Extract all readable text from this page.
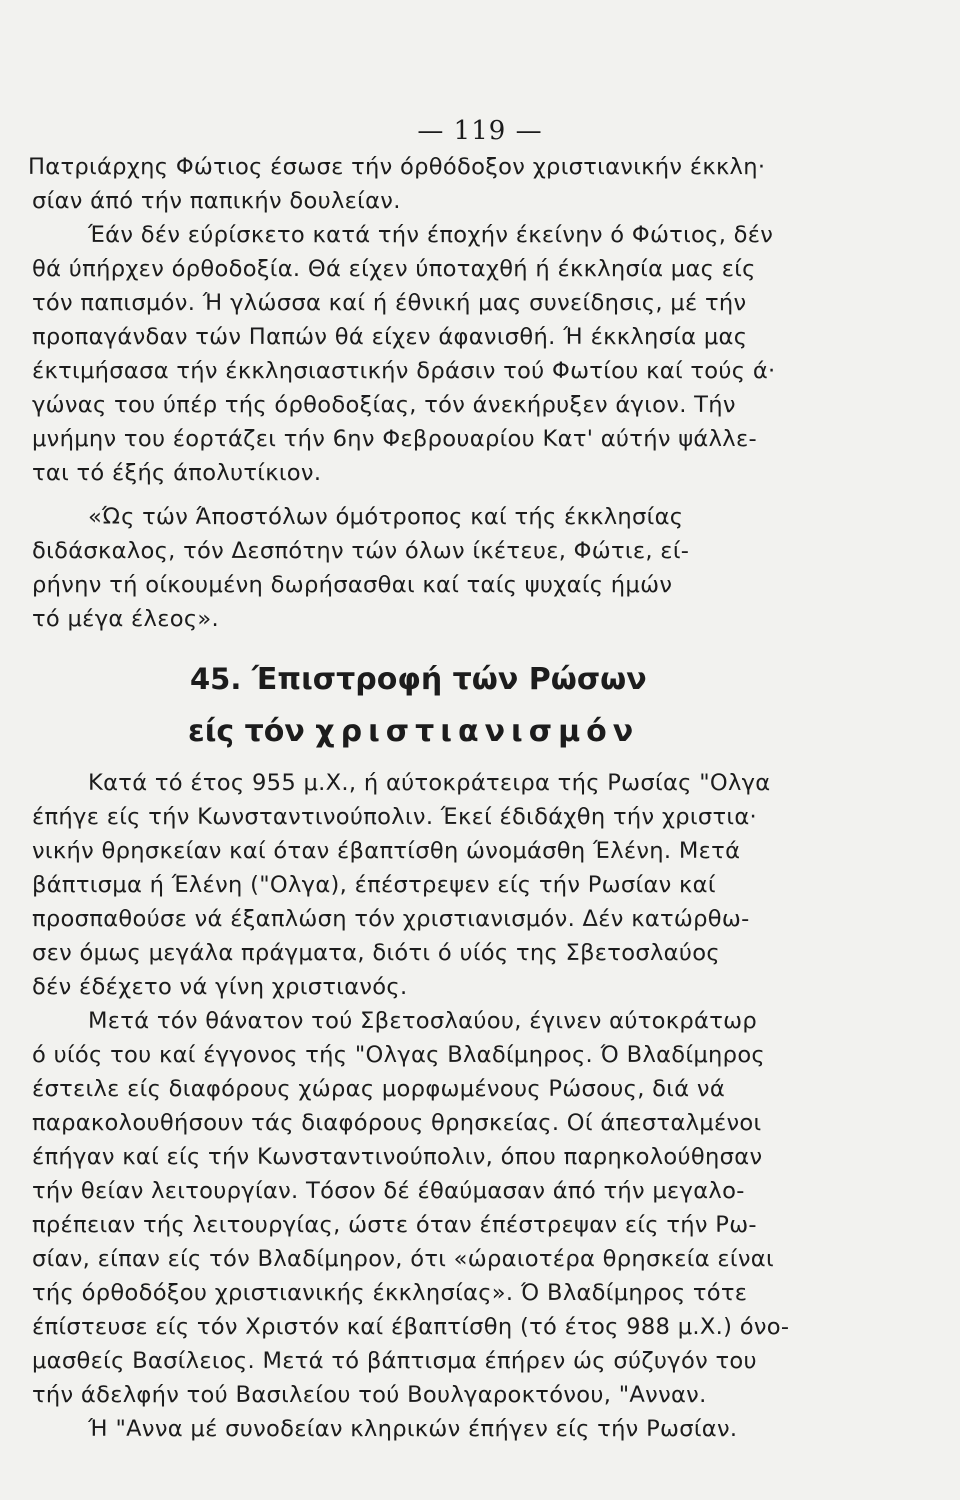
— 119 —
Πατριάρχης Φώτιος έσωσε τήν όρθόδοξον χριστιανικήν έκκλη·
σίαν άπό τήν παπικήν δουλείαν.
Έάν δέν εύρίσκετο κατά τήν έποχήν έκείνην ό Φώτιος, δέν
θά ύπήρχεν όρθοδοξία. Θά είχεν ύποταχθή ή έκκλησία μας είς
τόν παπισμόν. Ή γλώσσα καί ή έθνική μας συνείδησις, μέ τήν
προπαγάνδαν τών Παπών θά είχεν άφανισθή. Ή έκκλησία μας
έκτιμήσασα τήν έκκλησιαστικήν δράσιν τού Φωτίου καί τούς ά·
γώνας του ύπέρ τής όρθοδοξίας, τόν άνεκήρυξεν άγιον. Τήν
μνήμην του έορτάζει τήν 6ην Φεβρουαρίου Κατ' αύτήν ψάλλε-
ται τό έξής άπολυτίκιον.
«Ώς τών Άποστόλων όμότροπος καί τής έκκλησίας
διδάσκαλος, τόν Δεσπότην τών όλων ίκέτευε, Φώτιε, εί-
ρήνην τή οίκουμένη δωρήσασθαι καί ταίς ψυχαίς ήμών
τό μέγα έλεος».
45. Έπιστροφή τών Ρώσων
είς τόν χριστιανισμόν
Κατά τό έτος 955 μ.Χ., ή αύτοκράτειρα τής Ρωσίας "Ολγα
έπήγε είς τήν Κωνσταντινούπολιν. Έκεί έδιδάχθη τήν χριστια·
νικήν θρησκείαν καί όταν έβαπτίσθη ώνομάσθη Έλένη. Μετά
βάπτισμα ή Έλένη ("Ολγα), έπέστρεψεν είς τήν Ρωσίαν καί
προσπαθούσε νά έξαπλώση τόν χριστιανισμόν. Δέν κατώρθω-
σεν όμως μεγάλα πράγματα, διότι ό υίός της Σβετοσλαύος
δέν έδέχετο νά γίνη χριστιανός.
Μετά τόν θάνατον τού Σβετοσλαύου, έγινεν αύτοκράτωρ
ό υίός του καί έγγονος τής "Ολγας Βλαδίμηρος. Ό Βλαδίμηρος
έστειλε είς διαφόρους χώρας μορφωμένους Ρώσους, διά νά
παρακολουθήσουν τάς διαφόρους θρησκείας. Οί άπεσταλμένοι
έπήγαν καί είς τήν Κωνσταντινούπολιν, όπου παρηκολούθησαν
τήν θείαν λειτουργίαν. Τόσον δέ έθαύμασαν άπό τήν μεγαλο-
πρέπειαν τής λειτουργίας, ώστε όταν έπέστρεψαν είς τήν Ρω-
σίαν, είπαν είς τόν Βλαδίμηρον, ότι «ώραιοτέρα θρησκεία είναι
τής όρθοδόξου χριστιανικής έκκλησίας». Ό Βλαδίμηρος τότε
έπίστευσε είς τόν Χριστόν καί έβαπτίσθη (τό έτος 988 μ.Χ.) όνο-
μασθείς Βασίλειος. Μετά τό βάπτισμα έπήρεν ώς σύζυγόν του
τήν άδελφήν τού Βασιλείου τού Βουλγαροκτόνου, "Ανναν.
Ή "Αννα μέ συνοδείαν κληρικών έπήγεν είς τήν Ρωσίαν.
